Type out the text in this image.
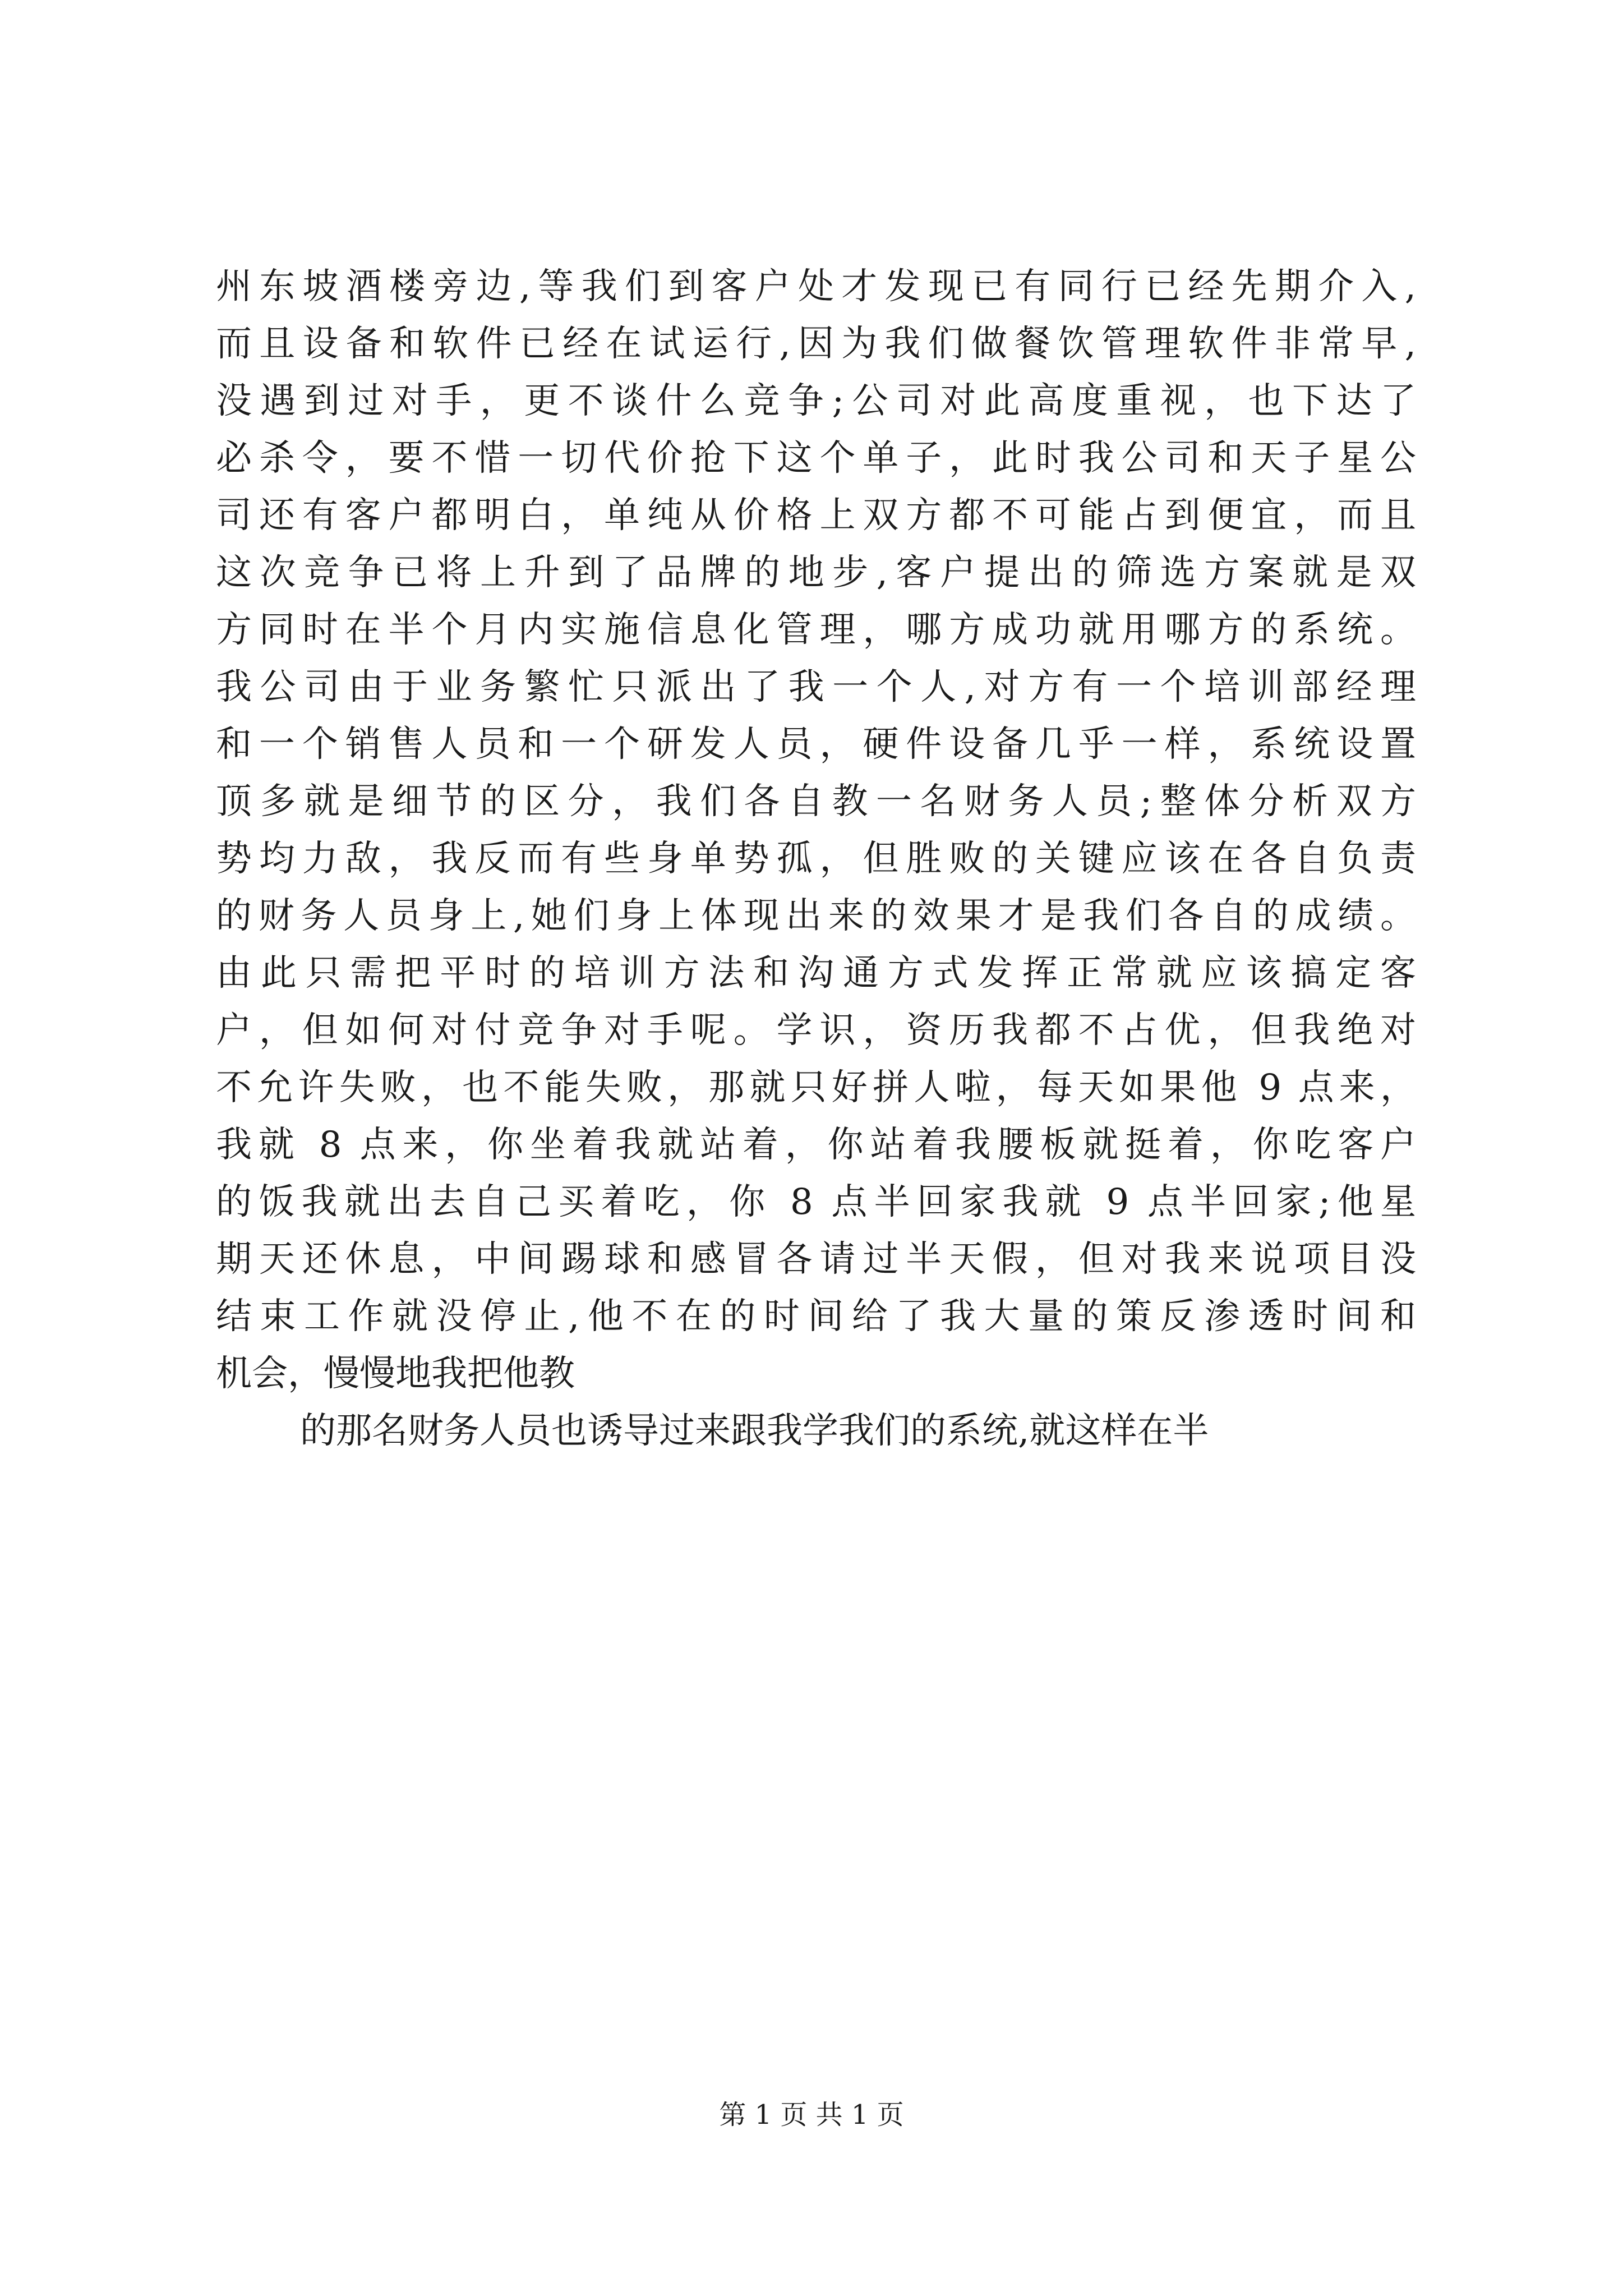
州东坡酒楼旁边,等我们到客户处才发现已有同行已经先期介入,
而且设备和软件已经在试运行,因为我们做餐饮管理软件非常早,
没遇到过对手，更不谈什么竞争;公司对此高度重视，也下达了
必杀令，要不惜一切代价抢下这个单子，此时我公司和天子星公
司还有客户都明白，单纯从价格上双方都不可能占到便宜，而且
这次竞争已将上升到了品牌的地步,客户提出的筛选方案就是双
方同时在半个月内实施信息化管理，哪方成功就用哪方的系统。
我公司由于业务繁忙只派出了我一个人,对方有一个培训部经理
和一个销售人员和一个研发人员，硬件设备几乎一样，系统设置
顶多就是细节的区分，我们各自教一名财务人员;整体分析双方
势均力敌，我反而有些身单势孤，但胜败的关键应该在各自负责
的财务人员身上,她们身上体现出来的效果才是我们各自的成绩。
由此只需把平时的培训方法和沟通方式发挥正常就应该搞定客
户，但如何对付竞争对手呢。学识，资历我都不占优，但我绝对
不允许失败，也不能失败，那就只好拼人啦，每天如果他 9 点来，
我就 8 点来，你坐着我就站着，你站着我腰板就挺着，你吃客户
的饭我就出去自己买着吃，你 8 点半回家我就 9 点半回家;他星
期天还休息，中间踢球和感冒各请过半天假，但对我来说项目没
结束工作就没停止,他不在的时间给了我大量的策反渗透时间和
机会，慢慢地我把他教
的那名财务人员也诱导过来跟我学我们的系统,就这样在半
第 1 页 共 1 页
